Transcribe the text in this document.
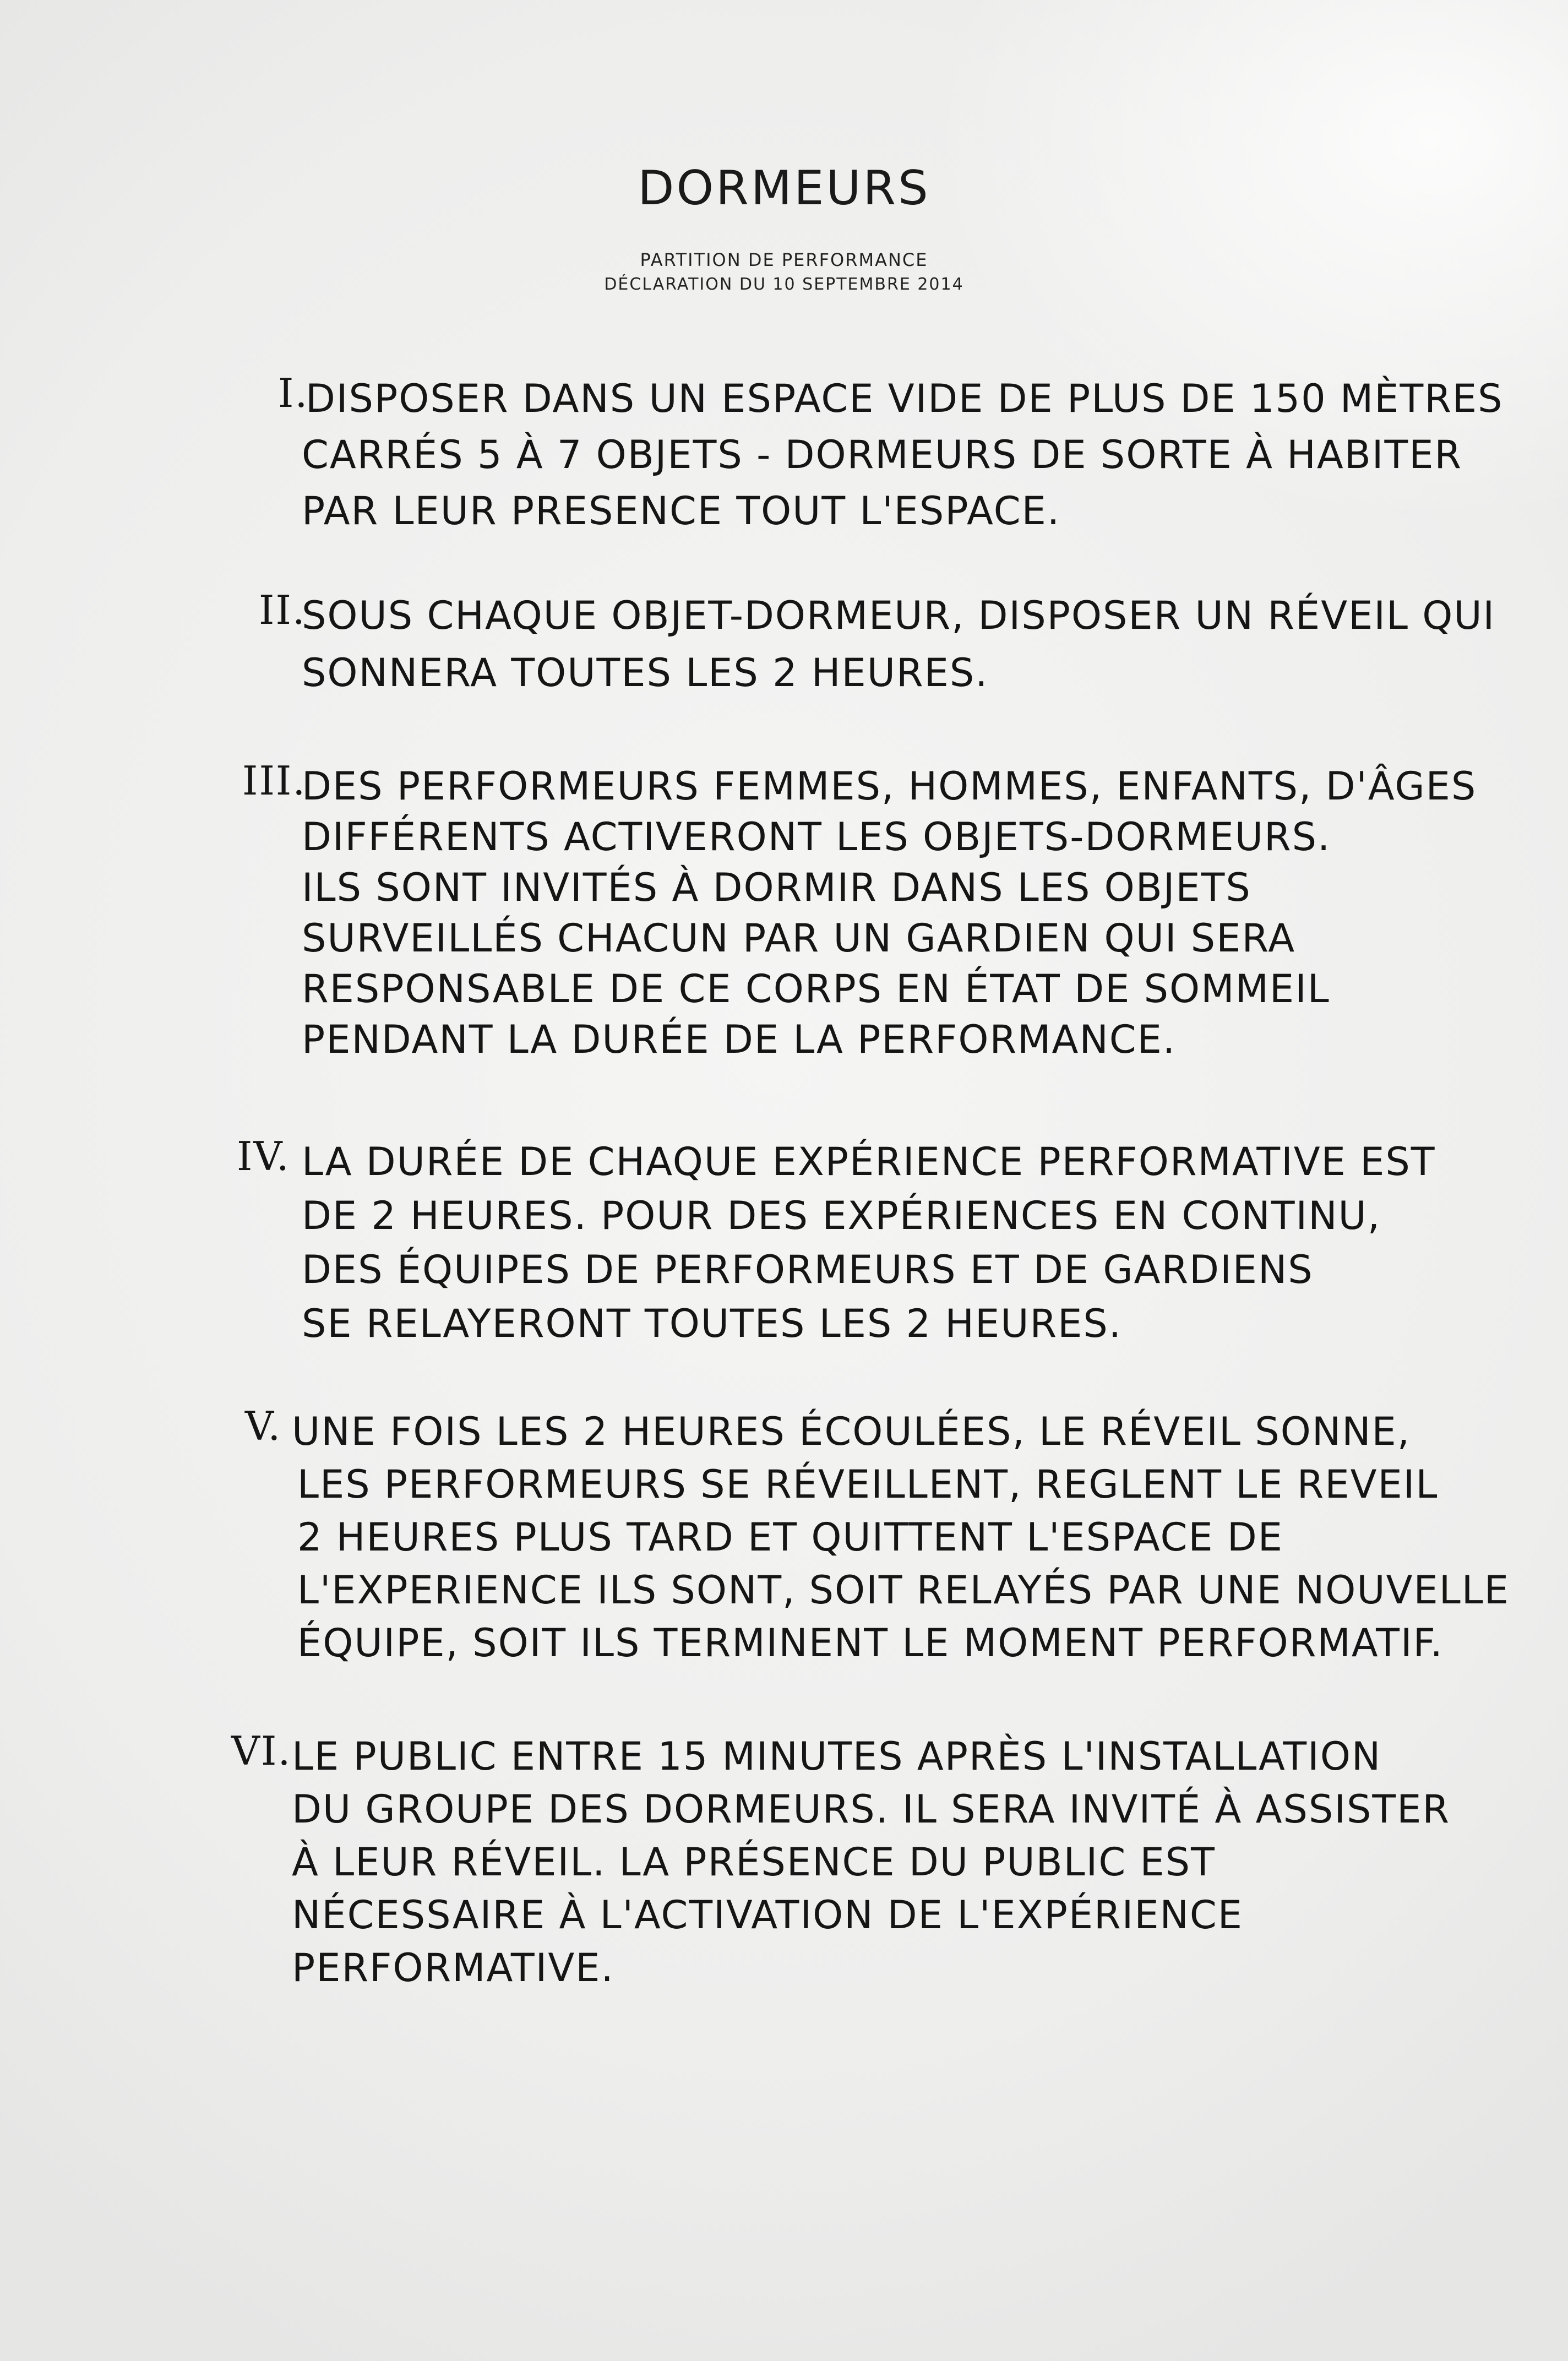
DORMEURS
PARTITION DE PERFORMANCE
DÉCLARATION DU 10 SEPTEMBRE 2014
I.
DISPOSER DANS UN ESPACE VIDE DE PLUS DE 150 MÈTRES
CARRÉS 5 À 7 OBJETS - DORMEURS DE SORTE À HABITER
PAR LEUR PRESENCE TOUT L'ESPACE.
II.
SOUS CHAQUE OBJET-DORMEUR, DISPOSER UN RÉVEIL QUI
SONNERA TOUTES LES 2 HEURES.
III.
DES PERFORMEURS FEMMES, HOMMES, ENFANTS, D'ÂGES
DIFFÉRENTS ACTIVERONT LES OBJETS-DORMEURS.
ILS SONT INVITÉS À DORMIR DANS LES OBJETS
SURVEILLÉS CHACUN PAR UN GARDIEN QUI SERA
RESPONSABLE DE CE CORPS EN ÉTAT DE SOMMEIL
PENDANT LA DURÉE DE LA PERFORMANCE.
IV. LA DURÉE DE CHAQUE EXPÉRIENCE PERFORMATIVE EST
DE 2 HEURES. POUR DES EXPÉRIENCES EN CONTINU,
DES ÉQUIPES DE PERFORMEURS ET DE GARDIENS
SE RELAYERONT TOUTES LES 2 HEURES.
V. UNE FOIS LES 2 HEURES ÉCOULÉES, LE RÉVEIL SONNE,
LES PERFORMEURS SE RÉVEILLENT, REGLENT LE REVEIL
2 HEURES PLUS TARD ET QUITTENT L'ESPACE DE
L'EXPERIENCE ILS SONT, SOIT RELAYÉS PAR UNE NOUVELLE
ÉQUIPE, SOIT ILS TERMINENT LE MOMENT PERFORMATIF.
VI. LE PUBLIC ENTRE 15 MINUTES APRÈS L'INSTALLATION
DU GROUPE DES DORMEURS. IL SERA INVITÉ À ASSISTER
À LEUR RÉVEIL. LA PRÉSENCE DU PUBLIC EST
NÉCESSAIRE À L'ACTIVATION DE L'EXPÉRIENCE
PERFORMATIVE.
